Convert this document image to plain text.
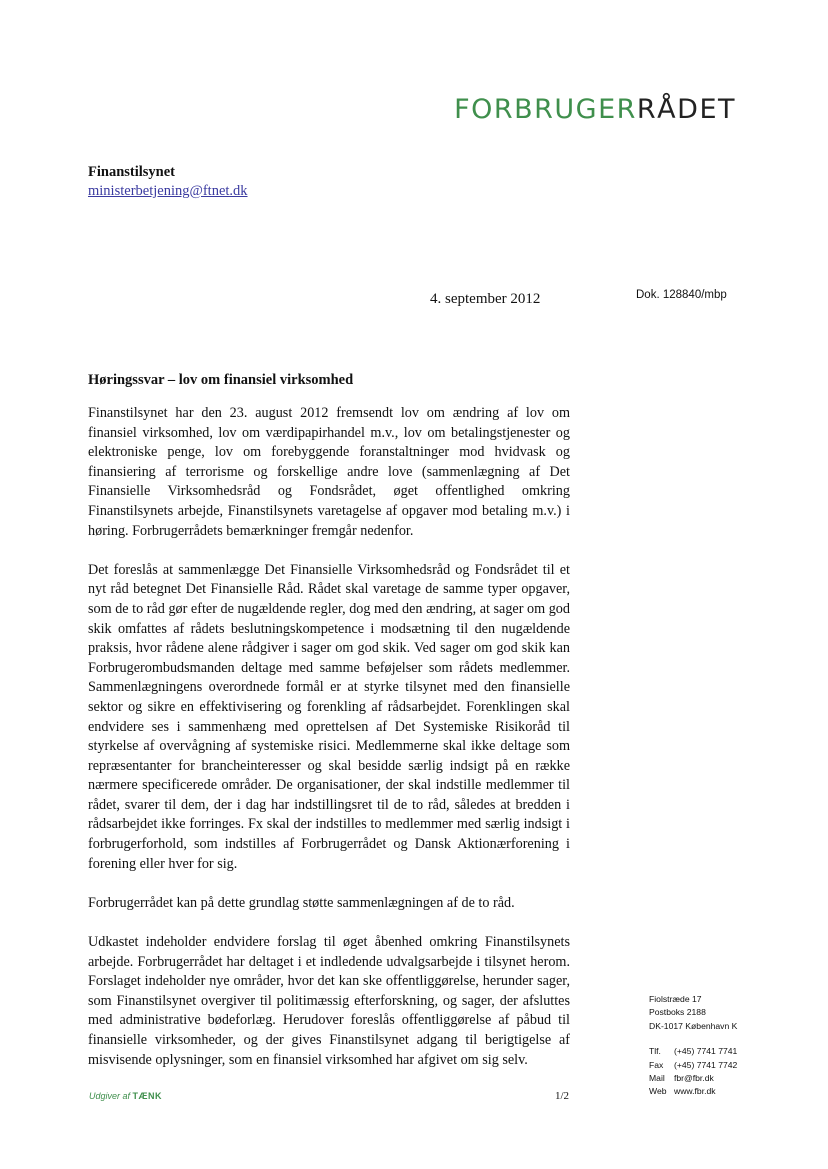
FORBRUGERRÅDET
Finanstilsynet
ministerbetjening@ftnet.dk
4. september 2012	Dok. 128840/mbp
Høringssvar – lov om finansiel virksomhed

Finanstilsynet har den 23. august 2012 fremsendt lov om ændring af lov om finansiel virksomhed, lov om værdipapirhandel m.v., lov om betalingstjenester og elektroniske penge, lov om forebyggende foranstaltninger mod hvidvask og finansiering af terrorisme og forskellige andre love (sammenlægning af Det Finansielle Virksomhedsråd og Fondsrådet, øget offentlighed omkring Finanstilsynets arbejde, Finanstilsynets varetagelse af opgaver mod betaling m.v.) i høring. Forbrugerrådets bemærkninger fremgår nedenfor.

Det foreslås at sammenlægge Det Finansielle Virksomhedsråd og Fondsrådet til et nyt råd betegnet Det Finansielle Råd. Rådet skal varetage de samme typer opgaver, som de to råd gør efter de nugældende regler, dog med den ændring, at sager om god skik omfattes af rådets beslutningskompetence i modsætning til den nugældende praksis, hvor rådene alene rådgiver i sager om god skik. Ved sager om god skik kan Forbrugerombudsmanden deltage med samme beføjelser som rådets medlemmer. Sammenlægningens overordnede formål er at styrke tilsynet med den finansielle sektor og sikre en effektivisering og forenkling af rådsarbejdet. Forenklingen skal endvidere ses i sammenhæng med oprettelsen af Det Systemiske Risikoråd til styrkelse af overvågning af systemiske risici. Medlemmerne skal ikke deltage som repræsentanter for brancheinteresser og skal besidde særlig indsigt på en række nærmere specificerede områder. De organisationer, der skal indstille medlemmer til rådet, svarer til dem, der i dag har indstillingsret til de to råd, således at bredden i rådsarbejdet ikke forringes. Fx skal der indstilles to medlemmer med særlig indsigt i forbrugerforhold, som indstilles af Forbrugerrådet og Dansk Aktionærforening i forening eller hver for sig.

Forbrugerrådet kan på dette grundlag støtte sammenlægningen af de to råd.

Udkastet indeholder endvidere forslag til øget åbenhed omkring Finanstilsynets arbejde. Forbrugerrådet har deltaget i et indledende udvalgsarbejde i tilsynet herom. Forslaget indeholder nye områder, hvor det kan ske offentliggørelse, herunder sager, som Finanstilsynet overgiver til politimæssig efterforskning, og sager, der afsluttes med administrative bødeforlæg. Herudover foreslås offentliggørelse af påbud til finansielle virksomheder, og der gives Finanstilsynet adgang til berigtigelse af misvisende oplysninger, som en finansiel virksomhed har afgivet om sig selv.

Fiolstræde 17
Postboks 2188
DK-1017 København K
Tlf. (+45) 7741 7741
Fax (+45) 7741 7742
Mail fbr@fbr.dk
Web www.fbr.dk
Udgiver af TÆNK	1/2
